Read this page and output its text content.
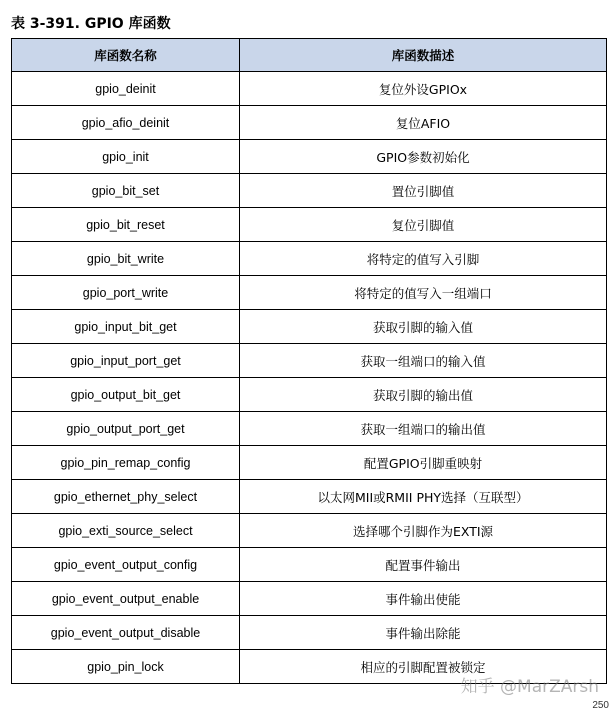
表 3-391. GPIO 库函数
库函数名称	库函数描述
gpio_deinit	复位外设GPIOx
gpio_afio_deinit	复位AFIO
gpio_init	GPIO参数初始化
gpio_bit_set	置位引脚值
gpio_bit_reset	复位引脚值
gpio_bit_write	将特定的值写入引脚
gpio_port_write	将特定的值写入一组端口
gpio_input_bit_get	获取引脚的输入值
gpio_input_port_get	获取一组端口的输入值
gpio_output_bit_get	获取引脚的输出值
gpio_output_port_get	获取一组端口的输出值
gpio_pin_remap_config	配置GPIO引脚重映射
gpio_ethernet_phy_select	以太网MII或RMII PHY选择（互联型）
gpio_exti_source_select	选择哪个引脚作为EXTI源
gpio_event_output_config	配置事件输出
gpio_event_output_enable	事件输出使能
gpio_event_output_disable	事件输出除能
gpio_pin_lock	相应的引脚配置被锁定
知乎 @MarZArsh
250
